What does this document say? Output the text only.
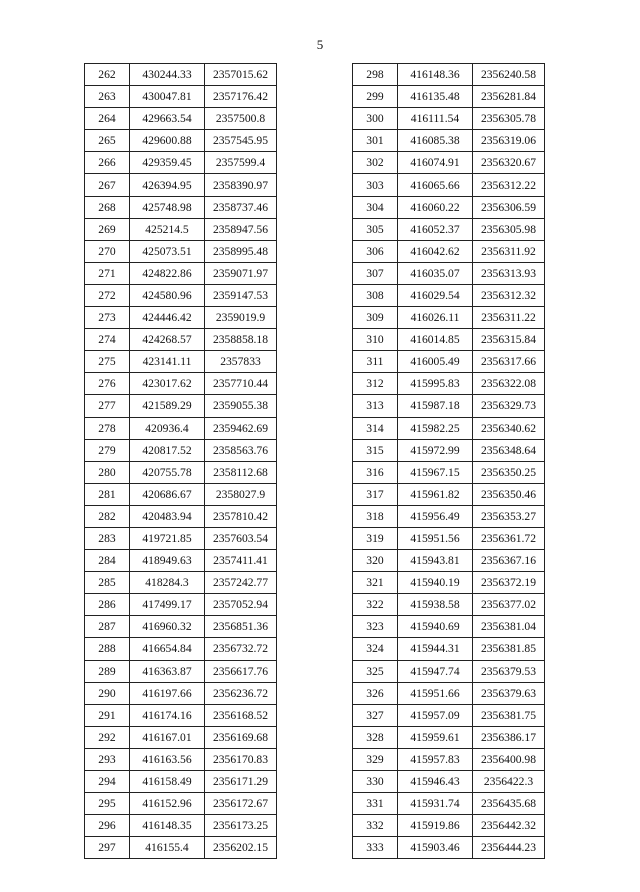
5
262	430244.33	2357015.62
263	430047.81	2357176.42
264	429663.54	2357500.8
265	429600.88	2357545.95
266	429359.45	2357599.4
267	426394.95	2358390.97
268	425748.98	2358737.46
269	425214.5	2358947.56
270	425073.51	2358995.48
271	424822.86	2359071.97
272	424580.96	2359147.53
273	424446.42	2359019.9
274	424268.57	2358858.18
275	423141.11	2357833
276	423017.62	2357710.44
277	421589.29	2359055.38
278	420936.4	2359462.69
279	420817.52	2358563.76
280	420755.78	2358112.68
281	420686.67	2358027.9
282	420483.94	2357810.42
283	419721.85	2357603.54
284	418949.63	2357411.41
285	418284.3	2357242.77
286	417499.17	2357052.94
287	416960.32	2356851.36
288	416654.84	2356732.72
289	416363.87	2356617.76
290	416197.66	2356236.72
291	416174.16	2356168.52
292	416167.01	2356169.68
293	416163.56	2356170.83
294	416158.49	2356171.29
295	416152.96	2356172.67
296	416148.35	2356173.25
297	416155.4	2356202.15
298	416148.36	2356240.58
299	416135.48	2356281.84
300	416111.54	2356305.78
301	416085.38	2356319.06
302	416074.91	2356320.67
303	416065.66	2356312.22
304	416060.22	2356306.59
305	416052.37	2356305.98
306	416042.62	2356311.92
307	416035.07	2356313.93
308	416029.54	2356312.32
309	416026.11	2356311.22
310	416014.85	2356315.84
311	416005.49	2356317.66
312	415995.83	2356322.08
313	415987.18	2356329.73
314	415982.25	2356340.62
315	415972.99	2356348.64
316	415967.15	2356350.25
317	415961.82	2356350.46
318	415956.49	2356353.27
319	415951.56	2356361.72
320	415943.81	2356367.16
321	415940.19	2356372.19
322	415938.58	2356377.02
323	415940.69	2356381.04
324	415944.31	2356381.85
325	415947.74	2356379.53
326	415951.66	2356379.63
327	415957.09	2356381.75
328	415959.61	2356386.17
329	415957.83	2356400.98
330	415946.43	2356422.3
331	415931.74	2356435.68
332	415919.86	2356442.32
333	415903.46	2356444.23
